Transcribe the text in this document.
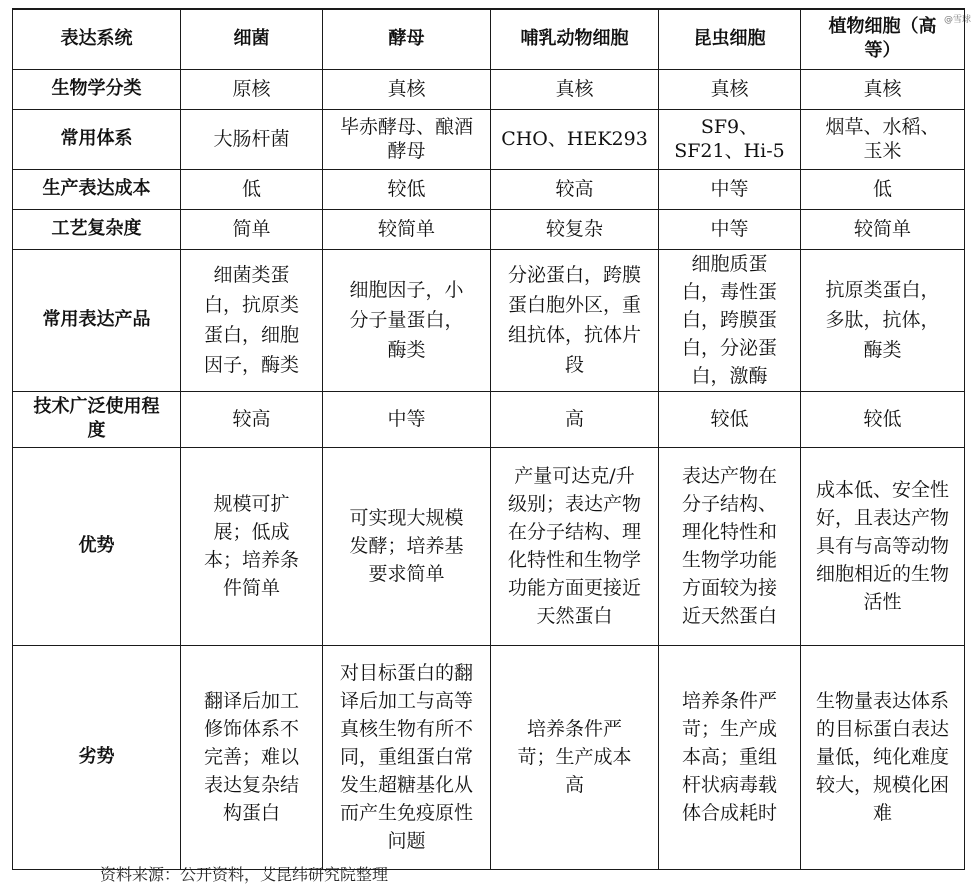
@雪球
表达系统	细菌	酵母	哺乳动物细胞	昆虫细胞	植物细胞（高等）
生物学分类	原核	真核	真核	真核	真核
常用体系	大肠杆菌	毕赤酵母、酿酒酵母	CHO、HEK293	SF9、SF21、Hi-5	烟草、水稻、玉米
生产表达成本	低	较低	较高	中等	低
工艺复杂度	简单	较简单	较复杂	中等	较简单
常用表达产品	细菌类蛋白，抗原类蛋白，细胞因子，酶类	细胞因子，小分子量蛋白，酶类	分泌蛋白，跨膜蛋白胞外区，重组抗体，抗体片段	细胞质蛋白，毒性蛋白，跨膜蛋白，分泌蛋白，激酶	抗原类蛋白，多肽，抗体，酶类
技术广泛使用程度	较高	中等	高	较低	较低
优势	规模可扩展；低成本；培养条件简单	可实现大规模发酵；培养基要求简单	产量可达克/升级别；表达产物在分子结构、理化特性和生物学功能方面更接近天然蛋白	表达产物在分子结构、理化特性和生物学功能方面较为接近天然蛋白	成本低、安全性好，且表达产物具有与高等动物细胞相近的生物活性
劣势	翻译后加工修饰体系不完善；难以表达复杂结构蛋白	对目标蛋白的翻译后加工与高等真核生物有所不同，重组蛋白常发生超糖基化从而产生免疫原性问题	培养条件严苛；生产成本高	培养条件严苛；生产成本高；重组杆状病毒载体合成耗时	生物量表达体系的目标蛋白表达量低，纯化难度较大，规模化困难
资料来源：公开资料，艾昆纬研究院整理
